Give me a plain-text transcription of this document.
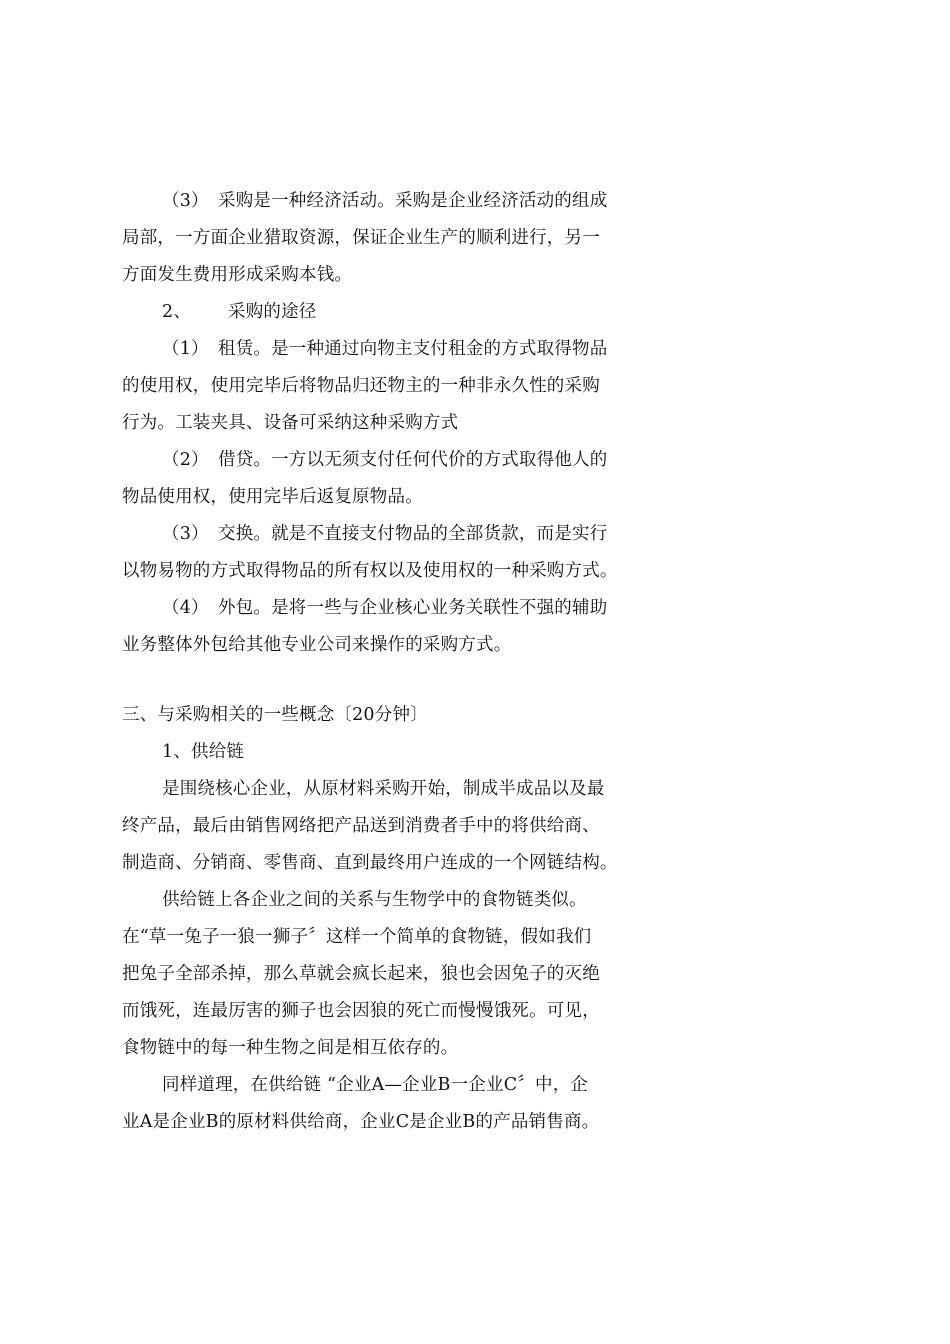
（3） 采购是一种经济活动。采购是企业经济活动的组成
局部，一方面企业猎取资源，保证企业生产的顺利进行，另一
方面发生费用形成采购本钱。
2、 采购的途径
（1） 租赁。是一种通过向物主支付租金的方式取得物品
的使用权，使用完毕后将物品归还物主的一种非永久性的采购
行为。工装夹具、设备可采纳这种采购方式
（2） 借贷。一方以无须支付任何代价的方式取得他人的
物品使用权，使用完毕后返复原物品。
（3） 交换。就是不直接支付物品的全部货款，而是实行
以物易物的方式取得物品的所有权以及使用权的一种采购方式。
（4） 外包。是将一些与企业核心业务关联性不强的辅助
业务整体外包给其他专业公司来操作的采购方式。
三、与采购相关的一些概念〔20分钟〕
1、供给链
是围绕核心企业，从原材料采购开始，制成半成品以及最
终产品，最后由销售网络把产品送到消费者手中的将供给商、
制造商、分销商、零售商、直到最终用户连成的一个网链结构。
供给链上各企业之间的关系与生物学中的食物链类似。
在“草一兔子一狼一狮子〞这样一个简单的食物链，假如我们
把兔子全部杀掉，那么草就会疯长起来，狼也会因兔子的灭绝
而饿死，连最厉害的狮子也会因狼的死亡而慢慢饿死。可见，
食物链中的每一种生物之间是相互依存的。
同样道理，在供给链 “企业A—企业B一企业C〞中，企
业A是企业B的原材料供给商，企业C是企业B的产品销售商。
